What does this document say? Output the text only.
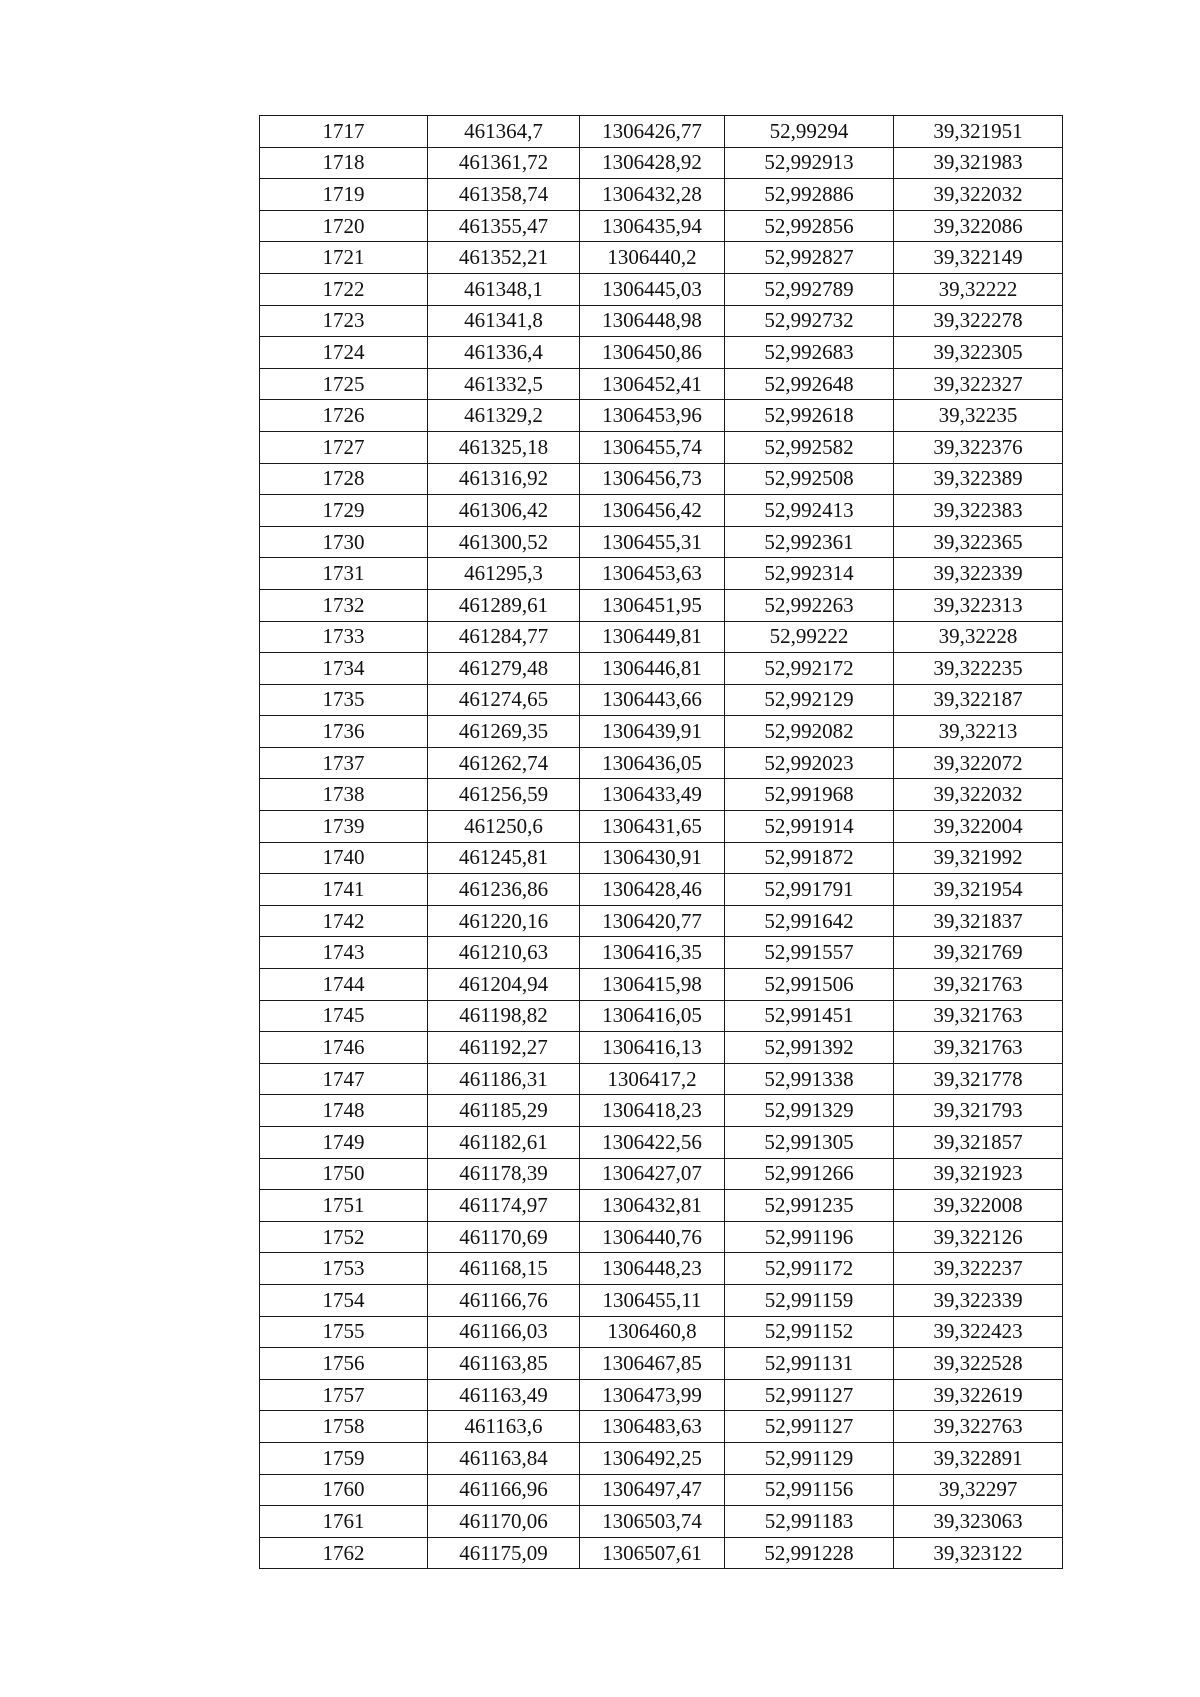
1717	461364,7	1306426,77	52,99294	39,321951
1718	461361,72	1306428,92	52,992913	39,321983
1719	461358,74	1306432,28	52,992886	39,322032
1720	461355,47	1306435,94	52,992856	39,322086
1721	461352,21	1306440,2	52,992827	39,322149
1722	461348,1	1306445,03	52,992789	39,32222
1723	461341,8	1306448,98	52,992732	39,322278
1724	461336,4	1306450,86	52,992683	39,322305
1725	461332,5	1306452,41	52,992648	39,322327
1726	461329,2	1306453,96	52,992618	39,32235
1727	461325,18	1306455,74	52,992582	39,322376
1728	461316,92	1306456,73	52,992508	39,322389
1729	461306,42	1306456,42	52,992413	39,322383
1730	461300,52	1306455,31	52,992361	39,322365
1731	461295,3	1306453,63	52,992314	39,322339
1732	461289,61	1306451,95	52,992263	39,322313
1733	461284,77	1306449,81	52,99222	39,32228
1734	461279,48	1306446,81	52,992172	39,322235
1735	461274,65	1306443,66	52,992129	39,322187
1736	461269,35	1306439,91	52,992082	39,32213
1737	461262,74	1306436,05	52,992023	39,322072
1738	461256,59	1306433,49	52,991968	39,322032
1739	461250,6	1306431,65	52,991914	39,322004
1740	461245,81	1306430,91	52,991872	39,321992
1741	461236,86	1306428,46	52,991791	39,321954
1742	461220,16	1306420,77	52,991642	39,321837
1743	461210,63	1306416,35	52,991557	39,321769
1744	461204,94	1306415,98	52,991506	39,321763
1745	461198,82	1306416,05	52,991451	39,321763
1746	461192,27	1306416,13	52,991392	39,321763
1747	461186,31	1306417,2	52,991338	39,321778
1748	461185,29	1306418,23	52,991329	39,321793
1749	461182,61	1306422,56	52,991305	39,321857
1750	461178,39	1306427,07	52,991266	39,321923
1751	461174,97	1306432,81	52,991235	39,322008
1752	461170,69	1306440,76	52,991196	39,322126
1753	461168,15	1306448,23	52,991172	39,322237
1754	461166,76	1306455,11	52,991159	39,322339
1755	461166,03	1306460,8	52,991152	39,322423
1756	461163,85	1306467,85	52,991131	39,322528
1757	461163,49	1306473,99	52,991127	39,322619
1758	461163,6	1306483,63	52,991127	39,322763
1759	461163,84	1306492,25	52,991129	39,322891
1760	461166,96	1306497,47	52,991156	39,32297
1761	461170,06	1306503,74	52,991183	39,323063
1762	461175,09	1306507,61	52,991228	39,323122
